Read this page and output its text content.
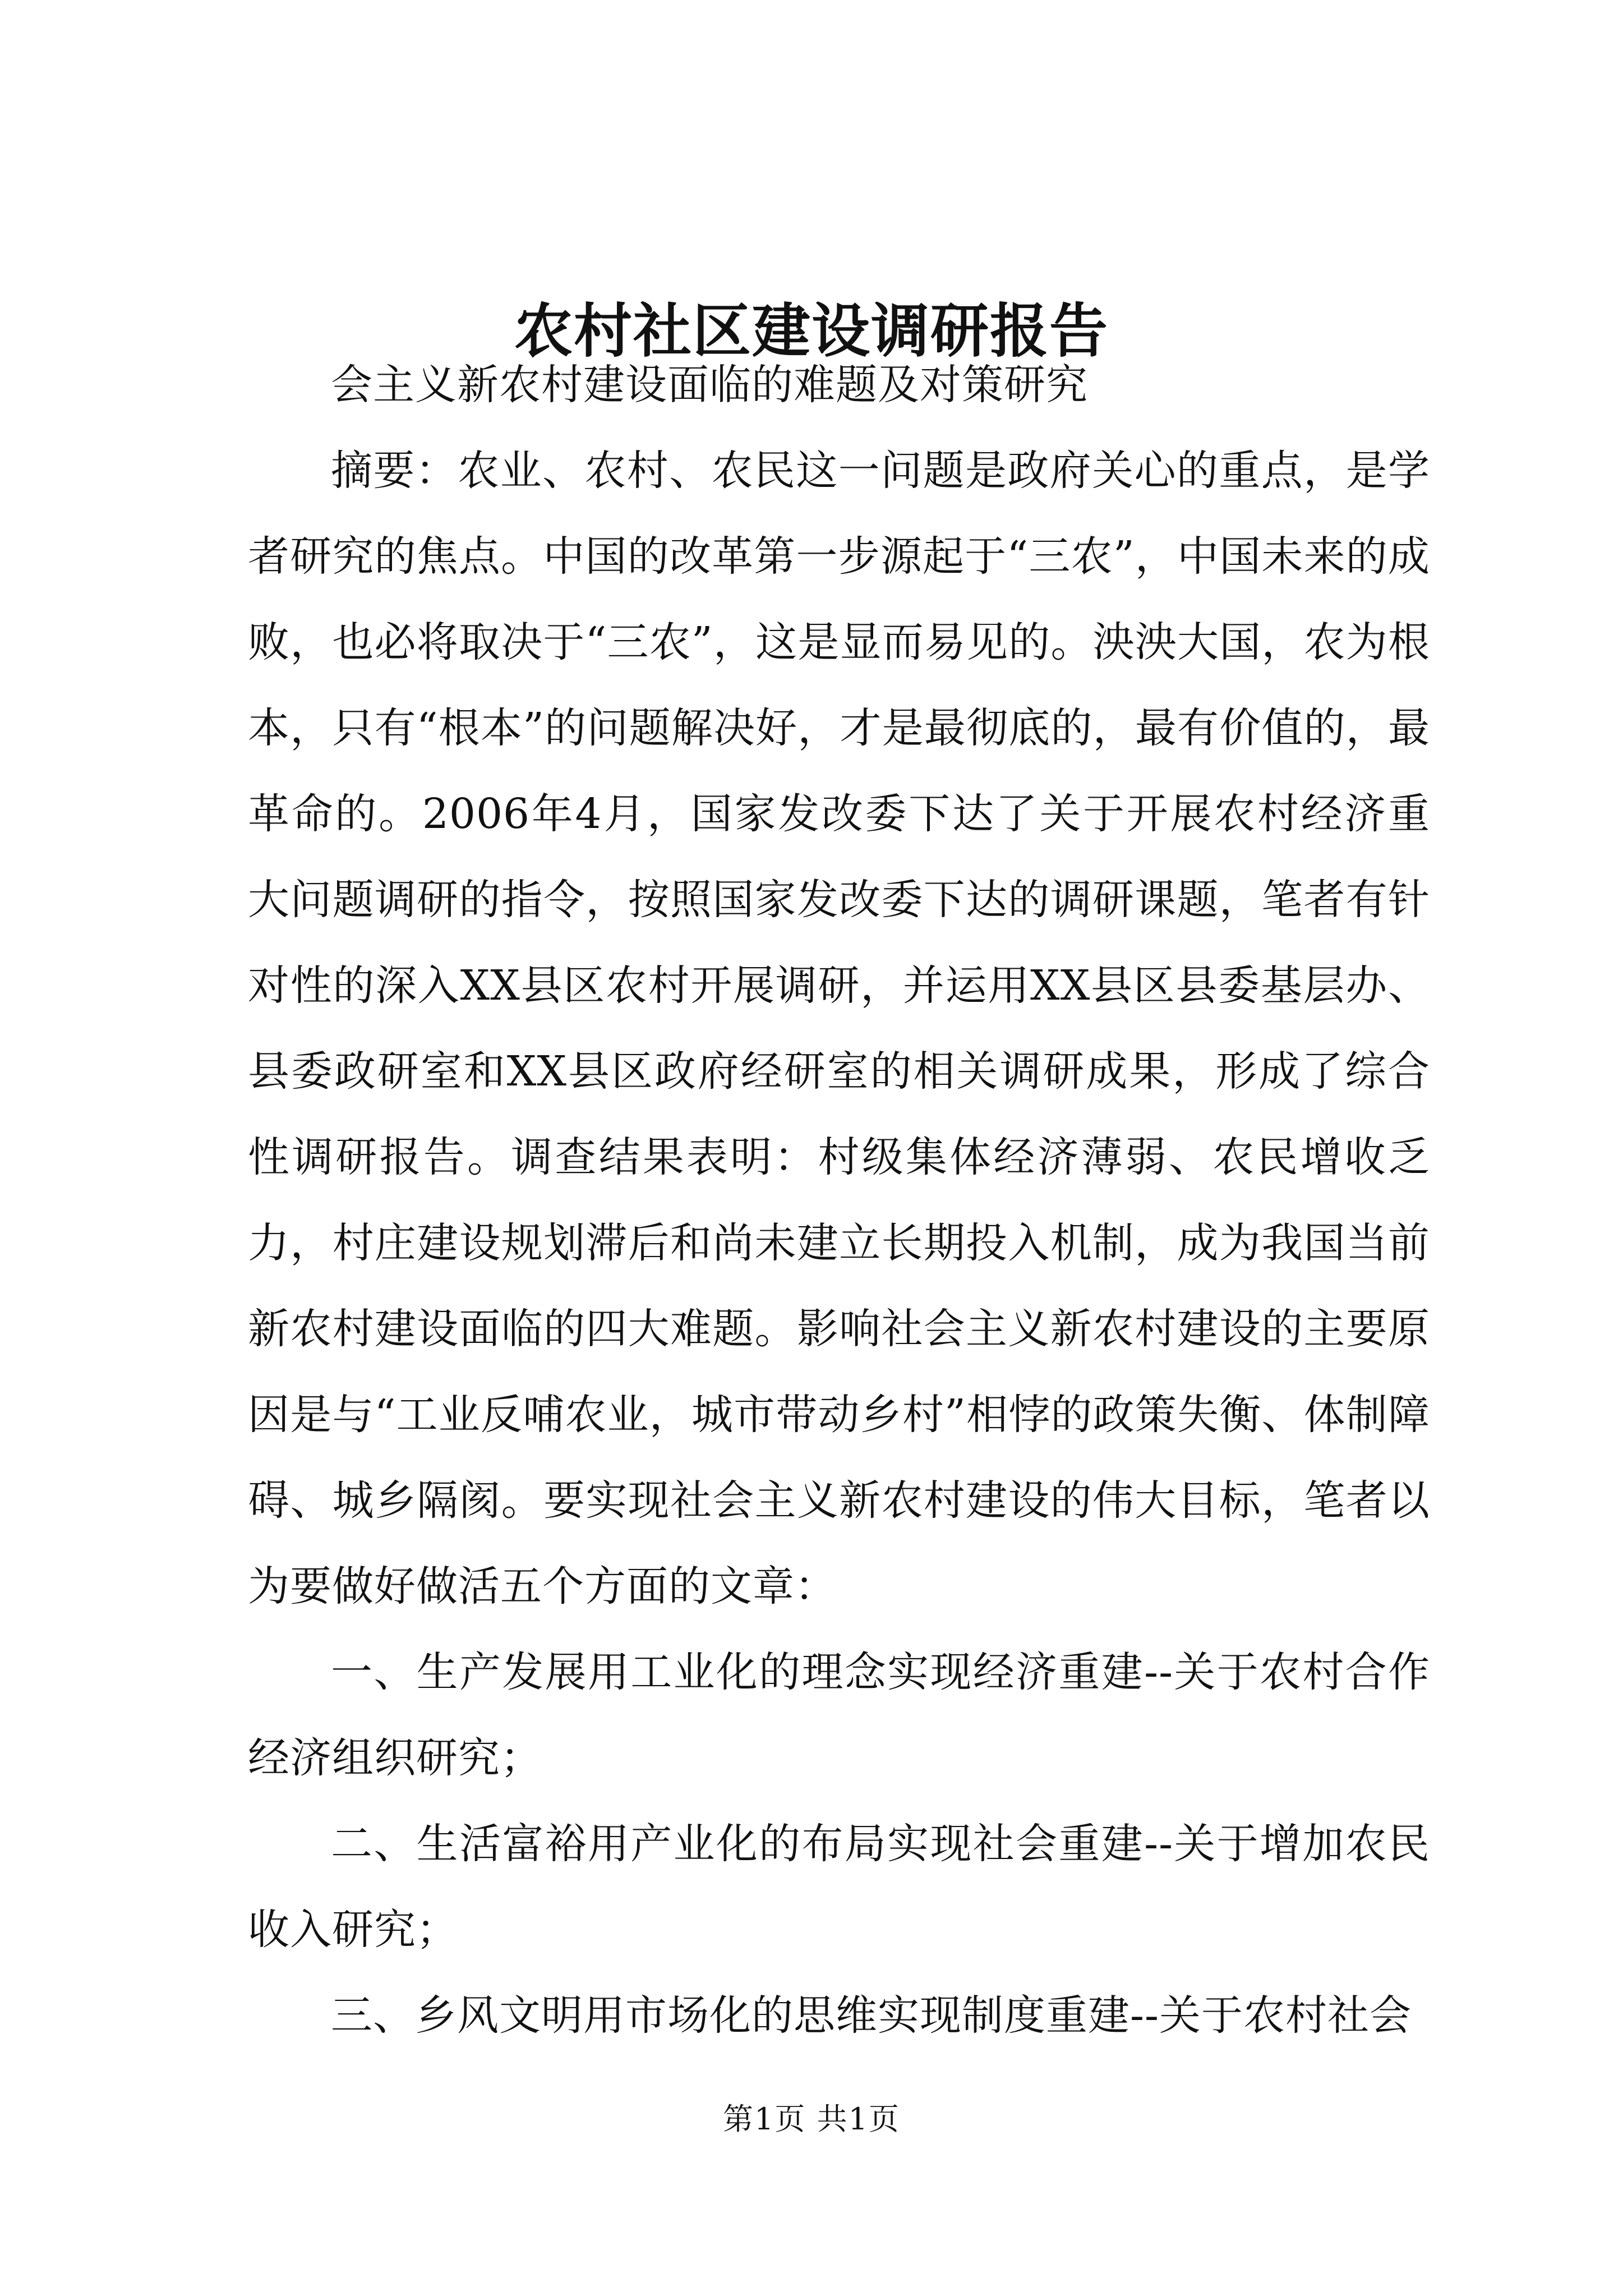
农村社区建设调研报告

会主义新农村建设面临的难题及对策研究

摘要：农业、农村、农民这一问题是政府关心的重点，是学者研究的焦点。中国的改革第一步源起于“三农”，中国未来的成败，也必将取决于“三农”，这是显而易见的。泱泱大国，农为根本，只有“根本”的问题解决好，才是最彻底的，最有价值的，最革命的。2006年4月，国家发改委下达了关于开展农村经济重大问题调研的指令，按照国家发改委下达的调研课题，笔者有针对性的深入XX县区农村开展调研，并运用XX县区县委基层办、县委政研室和XX县区政府经研室的相关调研成果，形成了综合性调研报告。调查结果表明：村级集体经济薄弱、农民增收乏力，村庄建设规划滞后和尚未建立长期投入机制，成为我国当前新农村建设面临的四大难题。影响社会主义新农村建设的主要原因是与“工业反哺农业，城市带动乡村”相悖的政策失衡、体制障碍、城乡隔阂。要实现社会主义新农村建设的伟大目标，笔者以为要做好做活五个方面的文章：

一、生产发展用工业化的理念实现经济重建--关于农村合作经济组织研究；

二、生活富裕用产业化的布局实现社会重建--关于增加农民收入研究；

三、乡风文明用市场化的思维实现制度重建--关于农村社会

第1页 共1页
